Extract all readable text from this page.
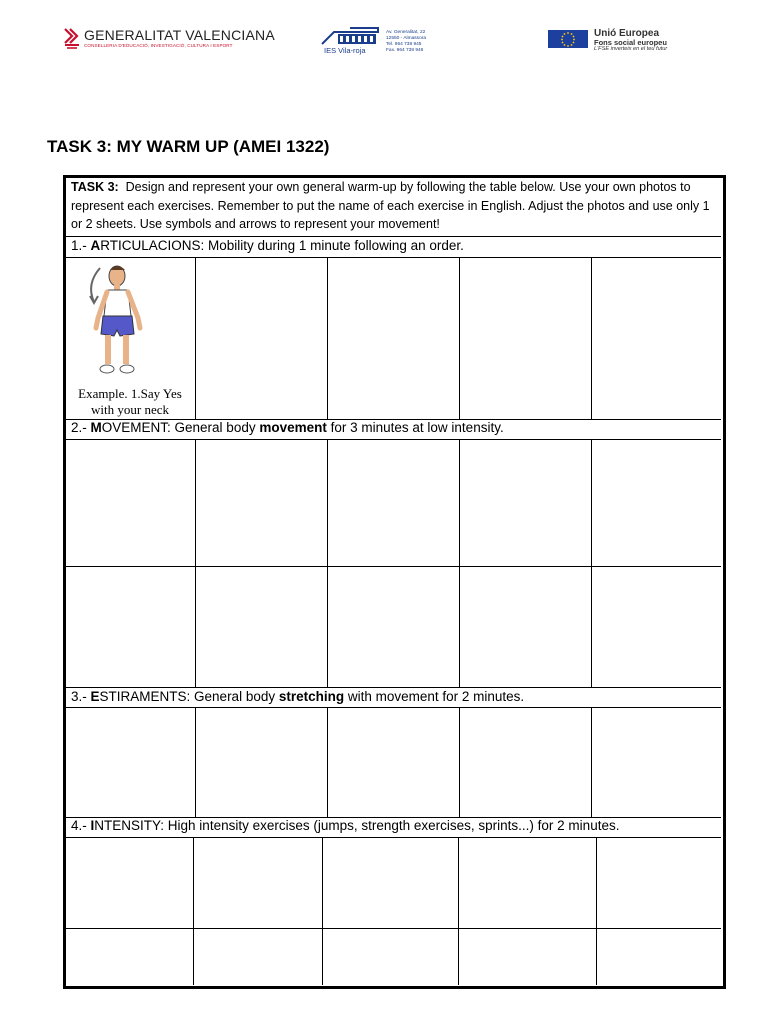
GENERALITAT VALENCIANA
CONSELLERIA D'EDUCACIÓ, INVESTIGACIÓ, CULTURA I ESPORT
IES Vila-roja
Av. Generalitat, 22
12550 - Almassora
Tel. 964 738 945
Fax. 964 738 946
Unió Europea
Fons social europeu
L'FSE inverteix en el teu futur
TASK 3: MY WARM UP (AMEI 1322)
TASK 3: Design and represent your own general warm-up by following the table below. Use your own photos to represent each exercises. Remember to put the name of each exercise in English. Adjust the photos and use only 1 or 2 sheets. Use symbols and arrows to represent your movement!
1.- ARTICULACIONS: Mobility during 1 minute following an order.
2.- MOVEMENT: General body movement for 3 minutes at low intensity.
3.- ESTIRAMENTS: General body stretching with movement for 2 minutes.
4.- INTENSITY: High intensity exercises (jumps, strength exercises, sprints...) for 2 minutes.
Example. 1.Say Yes
with your neck
